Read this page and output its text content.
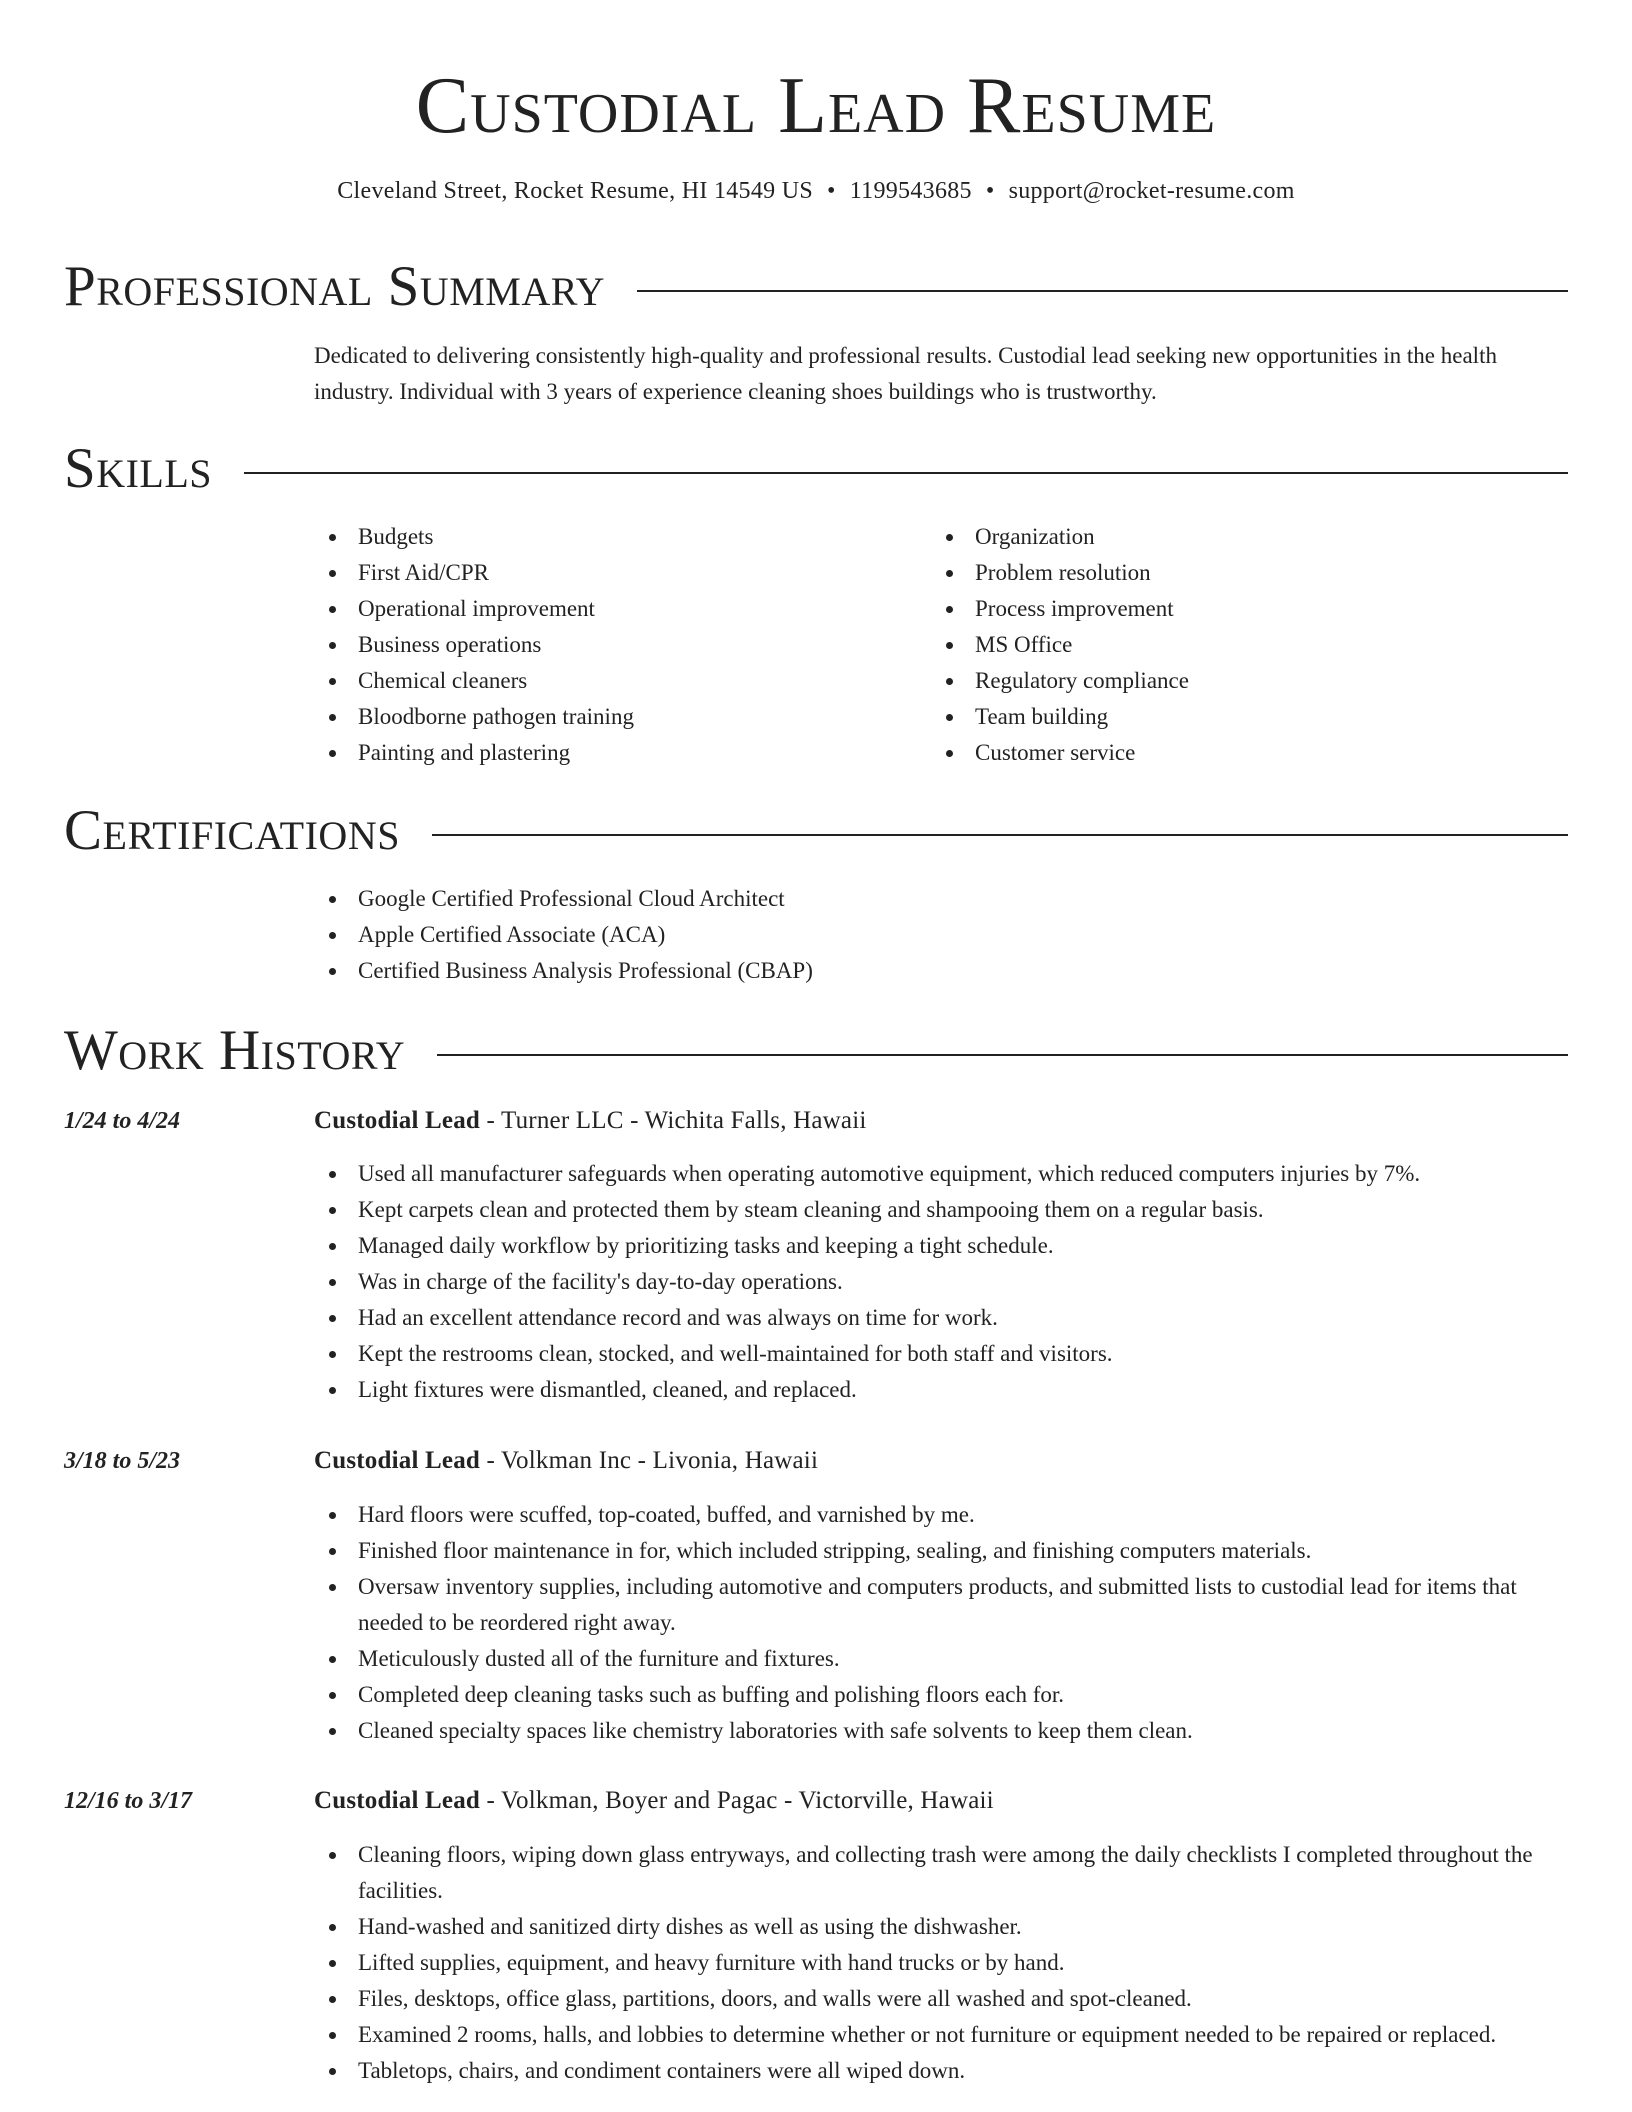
Custodial Lead Resume
Cleveland Street, Rocket Resume, HI 14549 US • 1199543685 • support@rocket-resume.com
Professional Summary

Dedicated to delivering consistently high-quality and professional results. Custodial lead seeking new opportunities in the health industry. Individual with 3 years of experience cleaning shoes buildings who is trustworthy.

Skills
Budgets
First Aid/CPR
Operational improvement
Business operations
Chemical cleaners
Bloodborne pathogen training
Painting and plastering
Organization
Problem resolution
Process improvement
MS Office
Regulatory compliance
Team building
Customer service
Certifications
Google Certified Professional Cloud Architect
Apple Certified Associate (ACA)
Certified Business Analysis Professional (CBAP)
Work History
1/24 to 4/24	Custodial Lead - Turner LLC - Wichita Falls, Hawaii
Used all manufacturer safeguards when operating automotive equipment, which reduced computers injuries by 7%.
Kept carpets clean and protected them by steam cleaning and shampooing them on a regular basis.
Managed daily workflow by prioritizing tasks and keeping a tight schedule.
Was in charge of the facility's day-to-day operations.
Had an excellent attendance record and was always on time for work.
Kept the restrooms clean, stocked, and well-maintained for both staff and visitors.
Light fixtures were dismantled, cleaned, and replaced.
3/18 to 5/23	Custodial Lead - Volkman Inc - Livonia, Hawaii
Hard floors were scuffed, top-coated, buffed, and varnished by me.
Finished floor maintenance in for, which included stripping, sealing, and finishing computers materials.
Oversaw inventory supplies, including automotive and computers products, and submitted lists to custodial lead for items that needed to be reordered right away.
Meticulously dusted all of the furniture and fixtures.
Completed deep cleaning tasks such as buffing and polishing floors each for.
Cleaned specialty spaces like chemistry laboratories with safe solvents to keep them clean.
12/16 to 3/17	Custodial Lead - Volkman, Boyer and Pagac - Victorville, Hawaii
Cleaning floors, wiping down glass entryways, and collecting trash were among the daily checklists I completed throughout the facilities.
Hand-washed and sanitized dirty dishes as well as using the dishwasher.
Lifted supplies, equipment, and heavy furniture with hand trucks or by hand.
Files, desktops, office glass, partitions, doors, and walls were all washed and spot-cleaned.
Examined 2 rooms, halls, and lobbies to determine whether or not furniture or equipment needed to be repaired or replaced.
Tabletops, chairs, and condiment containers were all wiped down.
